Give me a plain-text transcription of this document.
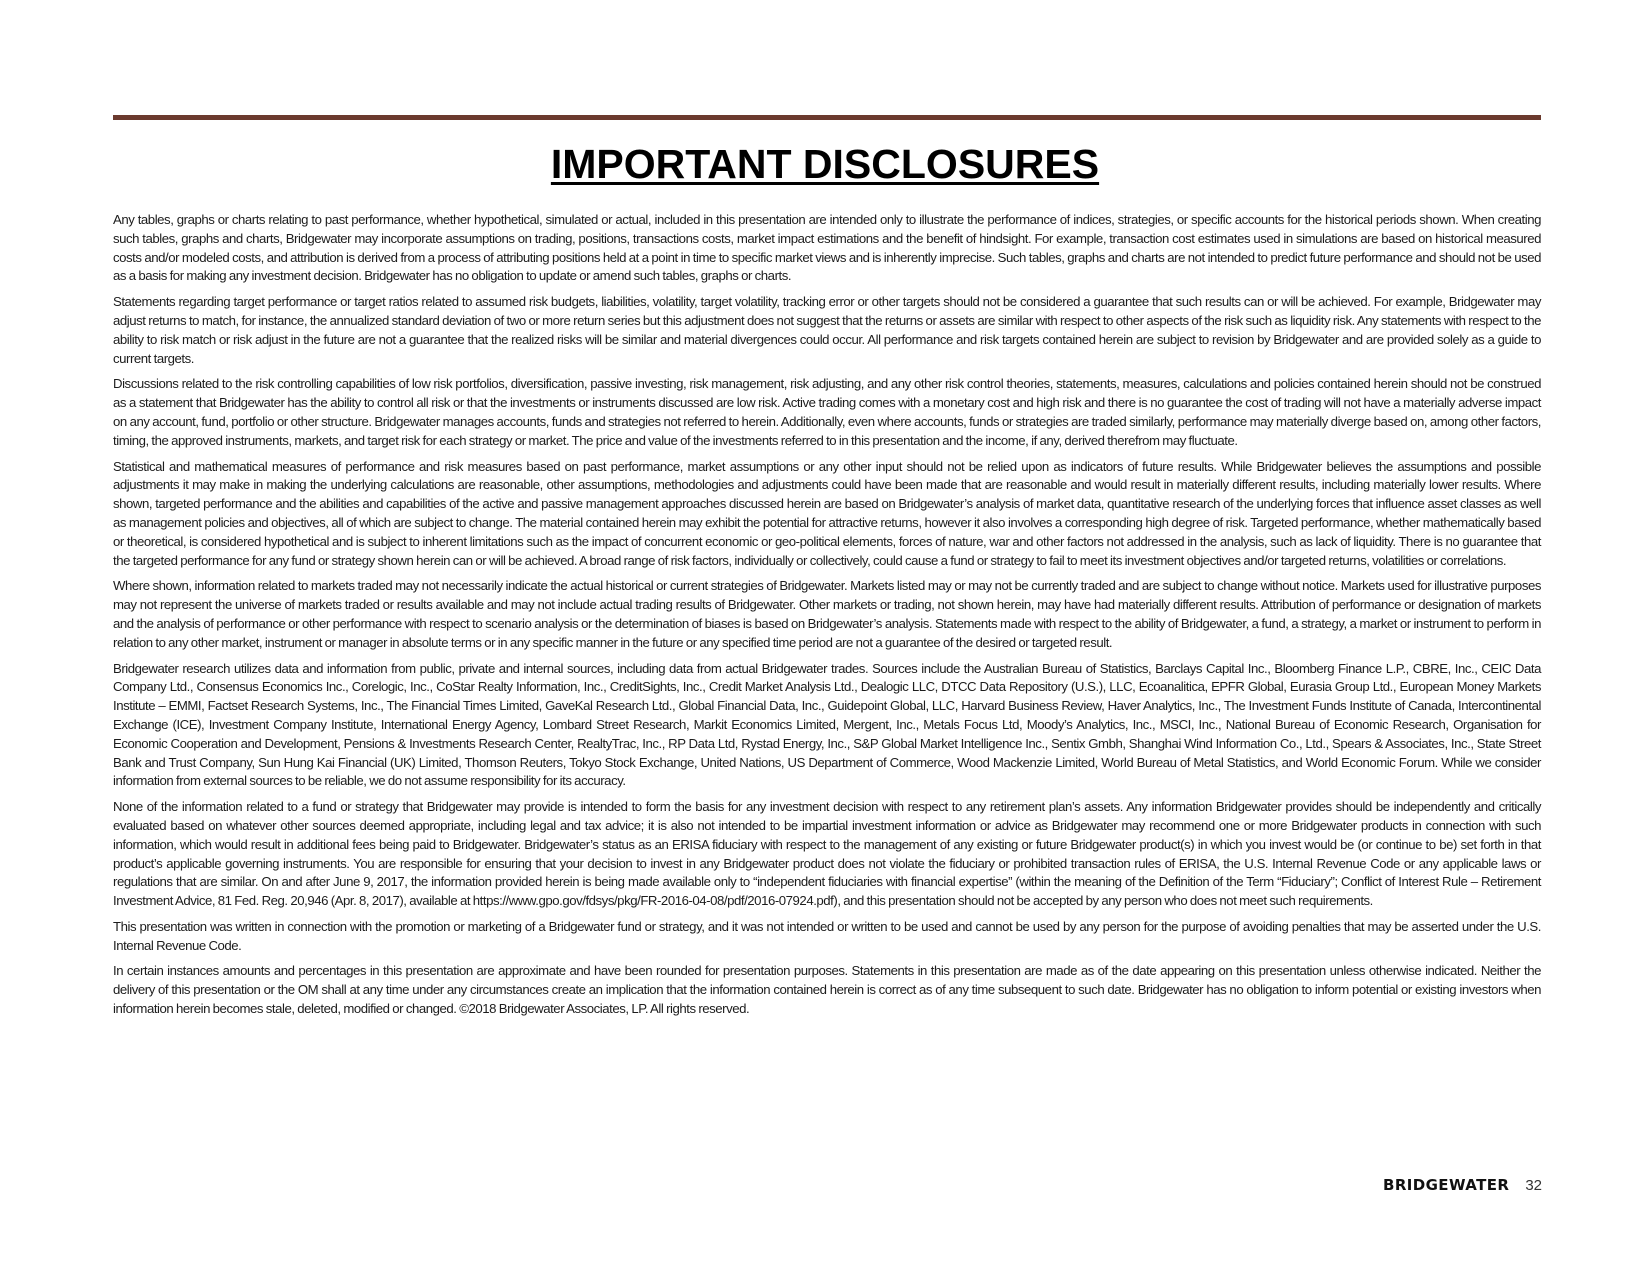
IMPORTANT DISCLOSURES

Any tables, graphs or charts relating to past performance, whether hypothetical, simulated or actual, included in this presentation are intended only to illustrate the performance of indices, strategies, or specific accounts for the historical periods shown. When creating such tables, graphs and charts, Bridgewater may incorporate assumptions on trading, positions, transactions costs, market impact estimations and the benefit of hindsight. For example, transaction cost estimates used in simulations are based on historical measured costs and/or modeled costs, and attribution is derived from a process of attributing positions held at a point in time to specific market views and is inherently imprecise. Such tables, graphs and charts are not intended to predict future performance and should not be used as a basis for making any investment decision. Bridgewater has no obligation to update or amend such tables, graphs or charts.

Statements regarding target performance or target ratios related to assumed risk budgets, liabilities, volatility, target volatility, tracking error or other targets should not be considered a guarantee that such results can or will be achieved. For example, Bridgewater may adjust returns to match, for instance, the annualized standard deviation of two or more return series but this adjustment does not suggest that the returns or assets are similar with respect to other aspects of the risk such as liquidity risk. Any statements with respect to the ability to risk match or risk adjust in the future are not a guarantee that the realized risks will be similar and material divergences could occur. All performance and risk targets contained herein are subject to revision by Bridgewater and are provided solely as a guide to current targets.

Discussions related to the risk controlling capabilities of low risk portfolios, diversification, passive investing, risk management, risk adjusting, and any other risk control theories, statements, measures, calculations and policies contained herein should not be construed as a statement that Bridgewater has the ability to control all risk or that the investments or instruments discussed are low risk. Active trading comes with a monetary cost and high risk and there is no guarantee the cost of trading will not have a materially adverse impact on any account, fund, portfolio or other structure. Bridgewater manages accounts, funds and strategies not referred to herein. Additionally, even where accounts, funds or strategies are traded similarly, performance may materially diverge based on, among other factors, timing, the approved instruments, markets, and target risk for each strategy or market. The price and value of the investments referred to in this presentation and the income, if any, derived therefrom may fluctuate.

Statistical and mathematical measures of performance and risk measures based on past performance, market assumptions or any other input should not be relied upon as indicators of future results. While Bridgewater believes the assumptions and possible adjustments it may make in making the underlying calculations are reasonable, other assumptions, methodologies and adjustments could have been made that are reasonable and would result in materially different results, including materially lower results. Where shown, targeted performance and the abilities and capabilities of the active and passive management approaches discussed herein are based on Bridgewater’s analysis of market data, quantitative research of the underlying forces that influence asset classes as well as management policies and objectives, all of which are subject to change. The material contained herein may exhibit the potential for attractive returns, however it also involves a corresponding high degree of risk. Targeted performance, whether mathematically based or theoretical, is considered hypothetical and is subject to inherent limitations such as the impact of concurrent economic or geo-political elements, forces of nature, war and other factors not addressed in the analysis, such as lack of liquidity. There is no guarantee that the targeted performance for any fund or strategy shown herein can or will be achieved. A broad range of risk factors, individually or collectively, could cause a fund or strategy to fail to meet its investment objectives and/or targeted returns, volatilities or correlations.

Where shown, information related to markets traded may not necessarily indicate the actual historical or current strategies of Bridgewater. Markets listed may or may not be currently traded and are subject to change without notice. Markets used for illustrative purposes may not represent the universe of markets traded or results available and may not include actual trading results of Bridgewater. Other markets or trading, not shown herein, may have had materially different results. Attribution of performance or designation of markets and the analysis of performance or other performance with respect to scenario analysis or the determination of biases is based on Bridgewater’s analysis. Statements made with respect to the ability of Bridgewater, a fund, a strategy, a market or instrument to perform in relation to any other market, instrument or manager in absolute terms or in any specific manner in the future or any specified time period are not a guarantee of the desired or targeted result.

Bridgewater research utilizes data and information from public, private and internal sources, including data from actual Bridgewater trades. Sources include the Australian Bureau of Statistics, Barclays Capital Inc., Bloomberg Finance L.P., CBRE, Inc., CEIC Data Company Ltd., Consensus Economics Inc., Corelogic, Inc., CoStar Realty Information, Inc., CreditSights, Inc., Credit Market Analysis Ltd., Dealogic LLC, DTCC Data Repository (U.S.), LLC, Ecoanalitica, EPFR Global, Eurasia Group Ltd., European Money Markets Institute – EMMI, Factset Research Systems, Inc., The Financial Times Limited, GaveKal Research Ltd., Global Financial Data, Inc., Guidepoint Global, LLC, Harvard Business Review, Haver Analytics, Inc., The Investment Funds Institute of Canada, Intercontinental Exchange (ICE), Investment Company Institute, International Energy Agency, Lombard Street Research, Markit Economics Limited, Mergent, Inc., Metals Focus Ltd, Moody’s Analytics, Inc., MSCI, Inc., National Bureau of Economic Research, Organisation for Economic Cooperation and Development, Pensions & Investments Research Center, RealtyTrac, Inc., RP Data Ltd, Rystad Energy, Inc., S&P Global Market Intelligence Inc., Sentix Gmbh, Shanghai Wind Information Co., Ltd., Spears & Associates, Inc., State Street Bank and Trust Company, Sun Hung Kai Financial (UK) Limited, Thomson Reuters, Tokyo Stock Exchange, United Nations, US Department of Commerce, Wood Mackenzie Limited, World Bureau of Metal Statistics, and World Economic Forum. While we consider information from external sources to be reliable, we do not assume responsibility for its accuracy.

None of the information related to a fund or strategy that Bridgewater may provide is intended to form the basis for any investment decision with respect to any retirement plan’s assets. Any information Bridgewater provides should be independently and critically evaluated based on whatever other sources deemed appropriate, including legal and tax advice; it is also not intended to be impartial investment information or advice as Bridgewater may recommend one or more Bridgewater products in connection with such information, which would result in additional fees being paid to Bridgewater. Bridgewater’s status as an ERISA fiduciary with respect to the management of any existing or future Bridgewater product(s) in which you invest would be (or continue to be) set forth in that product’s applicable governing instruments. You are responsible for ensuring that your decision to invest in any Bridgewater product does not violate the fiduciary or prohibited transaction rules of ERISA, the U.S. Internal Revenue Code or any applicable laws or regulations that are similar. On and after June 9, 2017, the information provided herein is being made available only to “independent fiduciaries with financial expertise” (within the meaning of the Definition of the Term “Fiduciary”; Conflict of Interest Rule – Retirement Investment Advice, 81 Fed. Reg. 20,946 (Apr. 8, 2017), available at https://www.gpo.gov/fdsys/pkg/FR-2016-04-08/pdf/2016-07924.pdf), and this presentation should not be accepted by any person who does not meet such requirements.

This presentation was written in connection with the promotion or marketing of a Bridgewater fund or strategy, and it was not intended or written to be used and cannot be used by any person for the purpose of avoiding penalties that may be asserted under the U.S. Internal Revenue Code.

In certain instances amounts and percentages in this presentation are approximate and have been rounded for presentation purposes. Statements in this presentation are made as of the date appearing on this presentation unless otherwise indicated. Neither the delivery of this presentation or the OM shall at any time under any circumstances create an implication that the information contained herein is correct as of any time subsequent to such date. Bridgewater has no obligation to inform potential or existing investors when information herein becomes stale, deleted, modified or changed. ©2018 Bridgewater Associates, LP. All rights reserved.

BRIDGEWATER 32
